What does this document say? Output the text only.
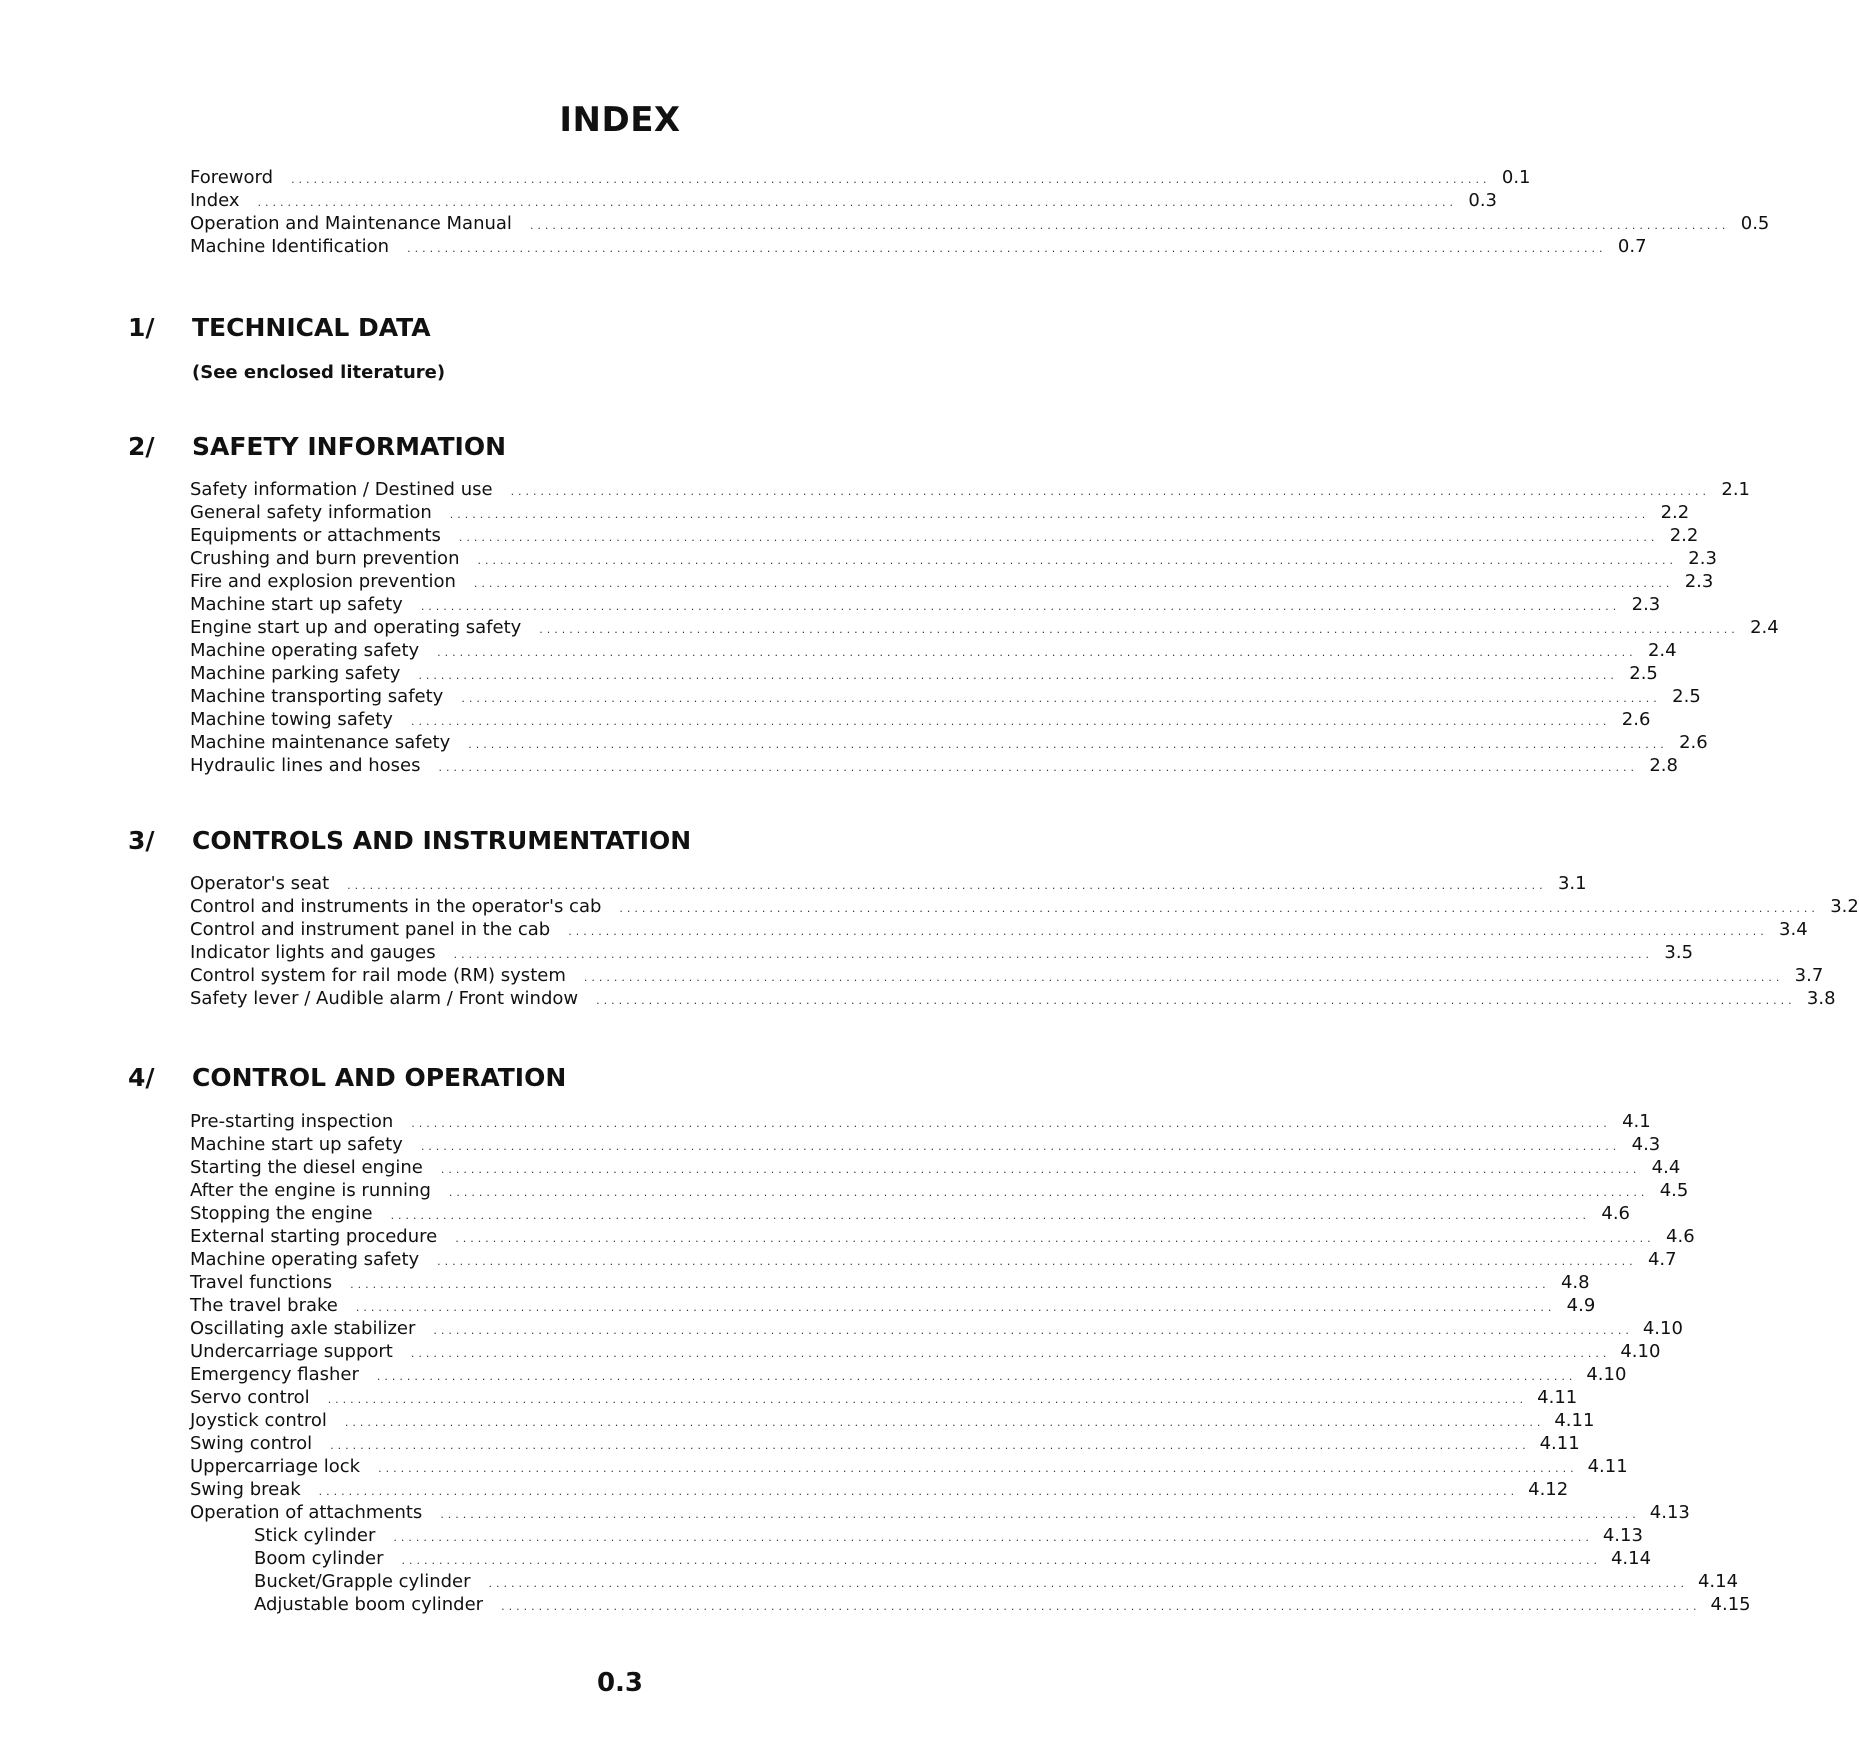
INDEX
Foreword ................................................................................................................................................................ 0.1
Index ................................................................................................................................................................ 0.3
Operation and Maintenance Manual ................................................................................................................................................................ 0.5
Machine Identification ................................................................................................................................................................ 0.7
1/ TECHNICAL DATA
(See enclosed literature)
2/ SAFETY INFORMATION
Safety information / Destined use ................................................................................................................................................................ 2.1
General safety information ................................................................................................................................................................ 2.2
Equipments or attachments ................................................................................................................................................................ 2.2
Crushing and burn prevention ................................................................................................................................................................ 2.3
Fire and explosion prevention ................................................................................................................................................................ 2.3
Machine start up safety ................................................................................................................................................................ 2.3
Engine start up and operating safety ................................................................................................................................................................ 2.4
Machine operating safety ................................................................................................................................................................ 2.4
Machine parking safety ................................................................................................................................................................ 2.5
Machine transporting safety ................................................................................................................................................................ 2.5
Machine towing safety ................................................................................................................................................................ 2.6
Machine maintenance safety ................................................................................................................................................................ 2.6
Hydraulic lines and hoses ................................................................................................................................................................ 2.8
3/ CONTROLS AND INSTRUMENTATION
Operator's seat ................................................................................................................................................................ 3.1
Control and instruments in the operator's cab ................................................................................................................................................................ 3.2
Control and instrument panel in the cab ................................................................................................................................................................ 3.4
Indicator lights and gauges ................................................................................................................................................................ 3.5
Control system for rail mode (RM) system ................................................................................................................................................................ 3.7
Safety lever / Audible alarm / Front window ................................................................................................................................................................ 3.8
4/ CONTROL AND OPERATION
Pre-starting inspection ................................................................................................................................................................ 4.1
Machine start up safety ................................................................................................................................................................ 4.3
Starting the diesel engine ................................................................................................................................................................ 4.4
After the engine is running ................................................................................................................................................................ 4.5
Stopping the engine ................................................................................................................................................................ 4.6
External starting procedure ................................................................................................................................................................ 4.6
Machine operating safety ................................................................................................................................................................ 4.7
Travel functions ................................................................................................................................................................ 4.8
The travel brake ................................................................................................................................................................ 4.9
Oscillating axle stabilizer ................................................................................................................................................................ 4.10
Undercarriage support ................................................................................................................................................................ 4.10
Emergency flasher ................................................................................................................................................................ 4.10
Servo control ................................................................................................................................................................ 4.11
Joystick control ................................................................................................................................................................ 4.11
Swing control ................................................................................................................................................................ 4.11
Uppercarriage lock ................................................................................................................................................................ 4.11
Swing break ................................................................................................................................................................ 4.12
Operation of attachments ................................................................................................................................................................ 4.13
Stick cylinder ................................................................................................................................................................ 4.13
Boom cylinder ................................................................................................................................................................ 4.14
Bucket/Grapple cylinder ................................................................................................................................................................ 4.14
Adjustable boom cylinder ................................................................................................................................................................ 4.15
0.3
